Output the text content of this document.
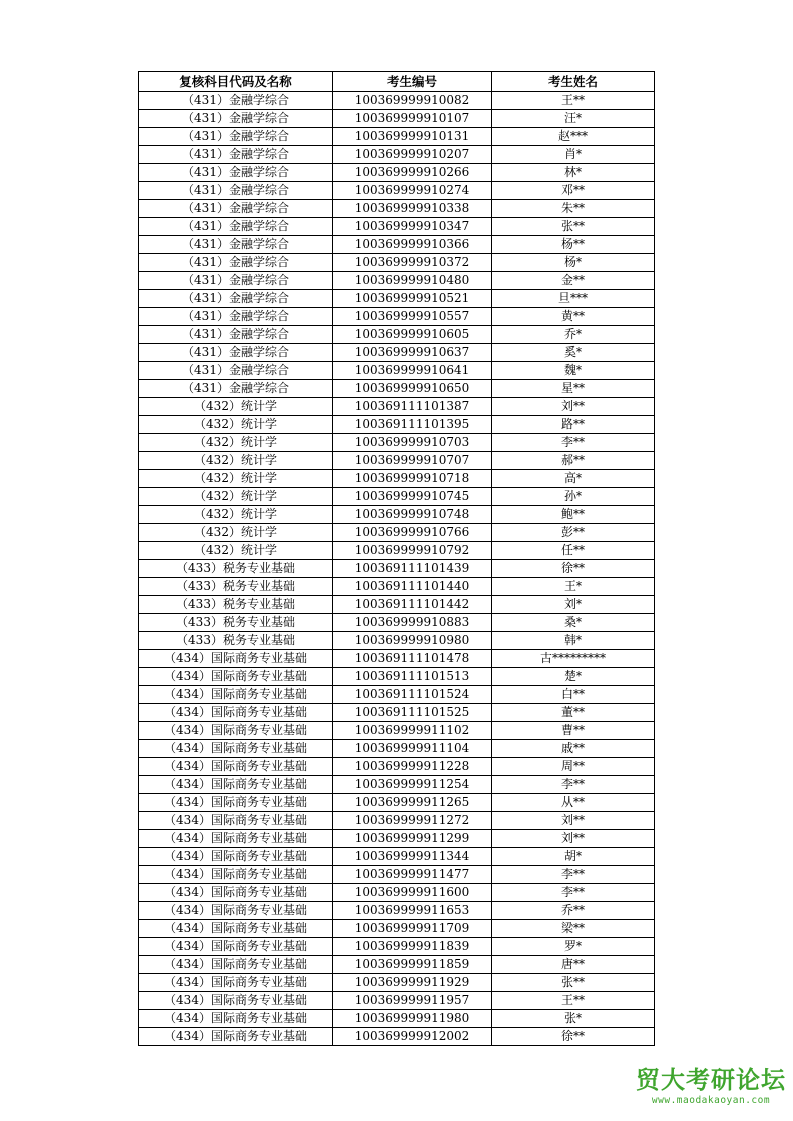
复核科目代码及名称	考生编号	考生姓名
（431）金融学综合	100369999910082	王**
（431）金融学综合	100369999910107	汪*
（431）金融学综合	100369999910131	赵***
（431）金融学综合	100369999910207	肖*
（431）金融学综合	100369999910266	林*
（431）金融学综合	100369999910274	邓**
（431）金融学综合	100369999910338	朱**
（431）金融学综合	100369999910347	张**
（431）金融学综合	100369999910366	杨**
（431）金融学综合	100369999910372	杨*
（431）金融学综合	100369999910480	金**
（431）金融学综合	100369999910521	旦***
（431）金融学综合	100369999910557	黄**
（431）金融学综合	100369999910605	乔*
（431）金融学综合	100369999910637	奚*
（431）金融学综合	100369999910641	魏*
（431）金融学综合	100369999910650	星**
（432）统计学	100369111101387	刘**
（432）统计学	100369111101395	路**
（432）统计学	100369999910703	李**
（432）统计学	100369999910707	郝**
（432）统计学	100369999910718	高*
（432）统计学	100369999910745	孙*
（432）统计学	100369999910748	鲍**
（432）统计学	100369999910766	彭**
（432）统计学	100369999910792	任**
（433）税务专业基础	100369111101439	徐**
（433）税务专业基础	100369111101440	王*
（433）税务专业基础	100369111101442	刘*
（433）税务专业基础	100369999910883	桑*
（433）税务专业基础	100369999910980	韩*
（434）国际商务专业基础	100369111101478	古*********
（434）国际商务专业基础	100369111101513	楚*
（434）国际商务专业基础	100369111101524	白**
（434）国际商务专业基础	100369111101525	董**
（434）国际商务专业基础	100369999911102	曹**
（434）国际商务专业基础	100369999911104	戚**
（434）国际商务专业基础	100369999911228	周**
（434）国际商务专业基础	100369999911254	李**
（434）国际商务专业基础	100369999911265	从**
（434）国际商务专业基础	100369999911272	刘**
（434）国际商务专业基础	100369999911299	刘**
（434）国际商务专业基础	100369999911344	胡*
（434）国际商务专业基础	100369999911477	李**
（434）国际商务专业基础	100369999911600	李**
（434）国际商务专业基础	100369999911653	乔**
（434）国际商务专业基础	100369999911709	梁**
（434）国际商务专业基础	100369999911839	罗*
（434）国际商务专业基础	100369999911859	唐**
（434）国际商务专业基础	100369999911929	张**
（434）国际商务专业基础	100369999911957	王**
（434）国际商务专业基础	100369999911980	张*
（434）国际商务专业基础	100369999912002	徐**
贸大考研论坛
www.maodakaoyan.com
